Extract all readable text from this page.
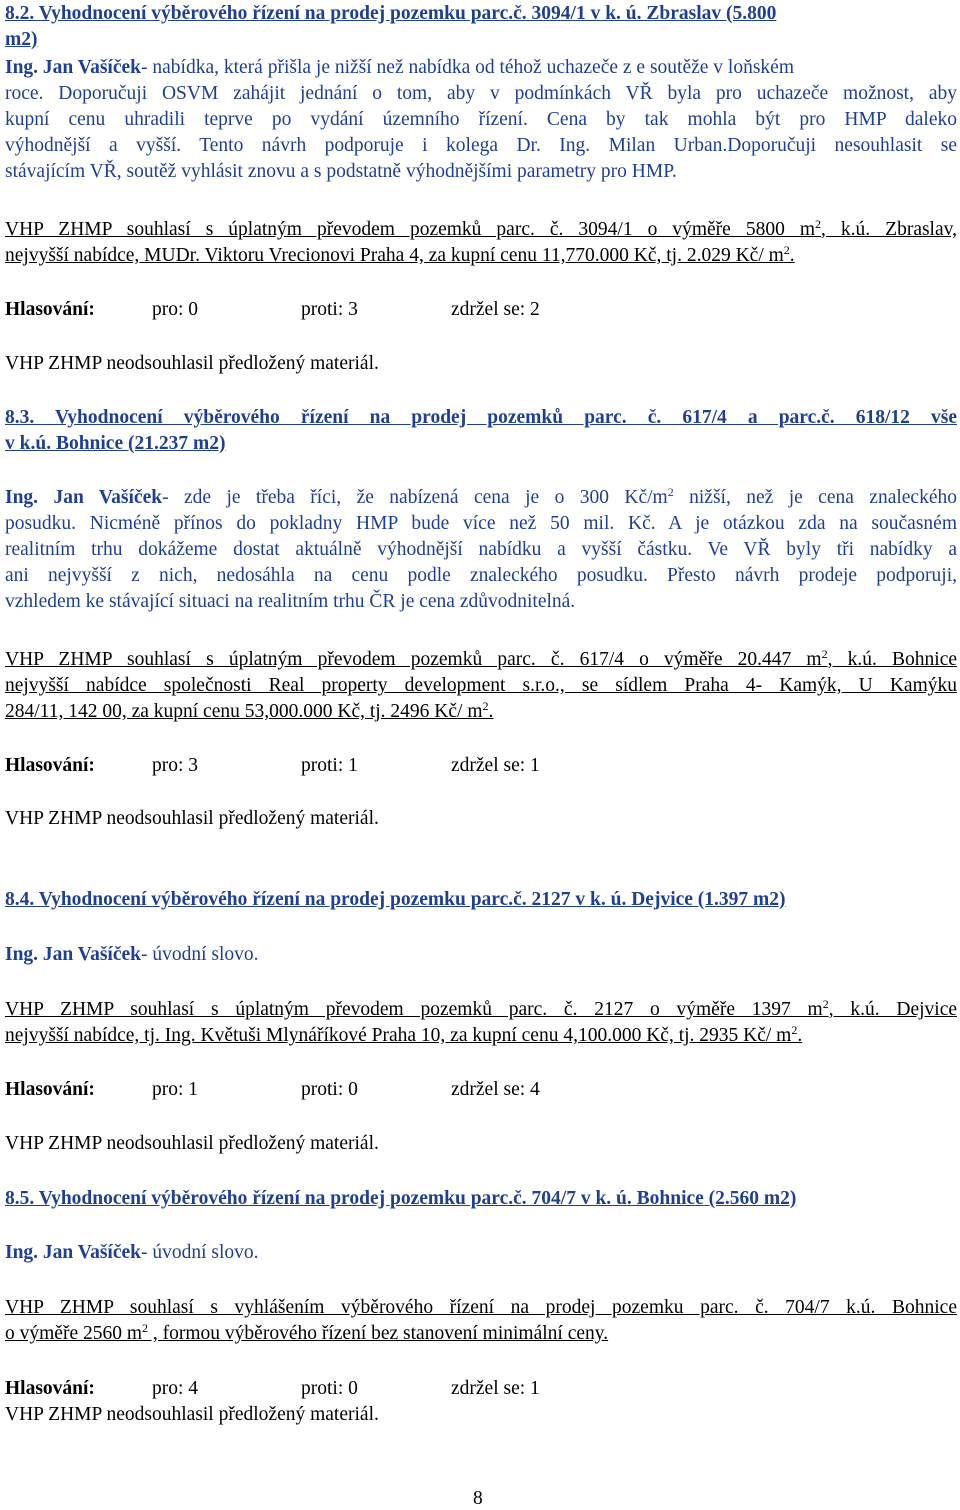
8.2. Vyhodnocení výběrového řízení na prodej pozemku parc.č. 3094/1 v k. ú. Zbraslav (5.800
m2)
Ing. Jan Vašíček- nabídka, která přišla je nižší než nabídka od téhož uchazeče z e soutěže v loňském
roce. Doporučuji OSVM zahájit jednání o tom, aby v podmínkách VŘ byla pro uchazeče možnost, aby
kupní cenu uhradili teprve po vydání územního řízení. Cena by tak mohla být pro HMP daleko
výhodnější a vyšší. Tento návrh podporuje i kolega Dr. Ing. Milan Urban.Doporučuji nesouhlasit se
stávajícím VŘ, soutěž vyhlásit znovu a s podstatně výhodnějšími parametry pro HMP.
VHP ZHMP souhlasí s úplatným převodem pozemků parc. č. 3094/1 o výměře 5800 $m^2$, k.ú. Zbraslav,
nejvyšší nabídce, MUDr. Viktoru Vrecionovi Praha 4, za kupní cenu 11,770.000 Kč, tj. 2.029 Kč/ $m^2$.
Hlasování:	pro: 0	proti: 3	zdržel se: 2
VHP ZHMP neodsouhlasil předložený materiál.
8.3. Vyhodnocení výběrového řízení na prodej pozemků parc. č. 617/4 a parc.č. 618/12 vše
v k.ú. Bohnice (21.237 m2)
Ing. Jan Vašíček- zde je třeba říci, že nabízená cena je o 300 $Kč/m^2$ nižší, než je cena znaleckého
posudku. Nicméně přínos do pokladny HMP bude více než 50 mil. Kč. A je otázkou zda na současném
realitním trhu dokážeme dostat aktuálně výhodnější nabídku a vyšší částku. Ve VŘ byly tři nabídky a
ani nejvyšší z nich, nedosáhla na cenu podle znaleckého posudku. Přesto návrh prodeje podporuji,
vzhledem ke stávající situaci na realitním trhu ČR je cena zdůvodnitelná.
VHP ZHMP souhlasí s úplatným převodem pozemků parc. č. 617/4 o výměře 20.447 $m^2$, k.ú. Bohnice
nejvyšší nabídce společnosti Real property development s.r.o., se sídlem Praha 4- Kamýk, U Kamýku
284/11, 142 00, za kupní cenu 53,000.000 Kč, tj. 2496 Kč/ $m^2$.
Hlasování:	pro: 3	proti: 1	zdržel se: 1
VHP ZHMP neodsouhlasil předložený materiál.
8.4. Vyhodnocení výběrového řízení na prodej pozemku parc.č. 2127 v k. ú. Dejvice (1.397 m2)
Ing. Jan Vašíček- úvodní slovo.
VHP ZHMP souhlasí s úplatným převodem pozemků parc. č. 2127 o výměře 1397 $m^2$, k.ú. Dejvice
nejvyšší nabídce, tj. Ing. Květuši Mlynáříkové Praha 10, za kupní cenu 4,100.000 Kč, tj. 2935 Kč/ $m^2$.
Hlasování:	pro: 1	proti: 0	zdržel se: 4
VHP ZHMP neodsouhlasil předložený materiál.
8.5. Vyhodnocení výběrového řízení na prodej pozemku parc.č. 704/7 v k. ú. Bohnice (2.560 m2)
Ing. Jan Vašíček- úvodní slovo.
VHP ZHMP souhlasí s vyhlášením výběrového řízení na prodej pozemku parc. č. 704/7 k.ú. Bohnice
o výměře 2560 $m^2$ , formou výběrového řízení bez stanovení minimální ceny.
Hlasování:	pro: 4	proti: 0	zdržel se: 1
VHP ZHMP neodsouhlasil předložený materiál.
8
